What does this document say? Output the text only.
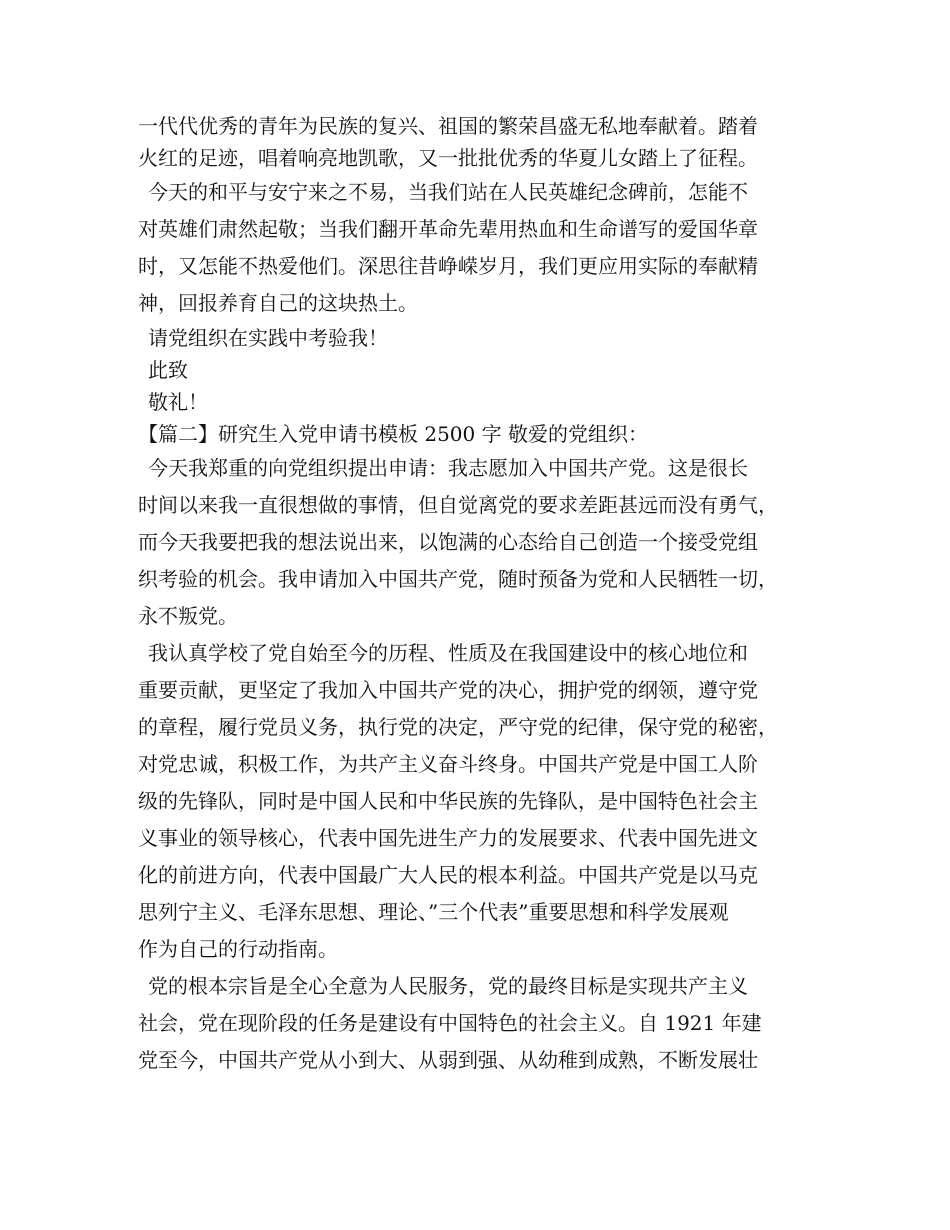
一代代优秀的青年为民族的复兴、祖国的繁荣昌盛无私地奉献着。踏着
火红的足迹，唱着响亮地凯歌，又一批批优秀的华夏儿女踏上了征程。
今天的和平与安宁来之不易，当我们站在人民英雄纪念碑前，怎能不
对英雄们肃然起敬；当我们翻开革命先辈用热血和生命谱写的爱国华章
时，又怎能不热爱他们。深思往昔峥嵘岁月，我们更应用实际的奉献精
神，回报养育自己的这块热土。
请党组织在实践中考验我！
此致
敬礼！
【篇二】研究生入党申请书模板 2500 字 敬爱的党组织：
今天我郑重的向党组织提出申请：我志愿加入中国共产党。这是很长
时间以来我一直很想做的事情，但自觉离党的要求差距甚远而没有勇气，
而今天我要把我的想法说出来，以饱满的心态给自己创造一个接受党组
织考验的机会。我申请加入中国共产党，随时预备为党和人民牺牲一切，
永不叛党。
我认真学校了党自始至今的历程、性质及在我国建设中的核心地位和
重要贡献，更坚定了我加入中国共产党的决心，拥护党的纲领，遵守党
的章程，履行党员义务，执行党的决定，严守党的纪律，保守党的秘密，
对党忠诚，积极工作，为共产主义奋斗终身。中国共产党是中国工人阶
级的先锋队，同时是中国人民和中华民族的先锋队，是中国特色社会主
义事业的领导核心，代表中国先进生产力的发展要求、代表中国先进文
化的前进方向，代表中国最广大人民的根本利益。中国共产党是以马克
思列宁主义、毛泽东思想、理论、”三个代表”重要思想和科学发展观
作为自己的行动指南。
党的根本宗旨是全心全意为人民服务，党的最终目标是实现共产主义
社会，党在现阶段的任务是建设有中国特色的社会主义。自 1921 年建
党至今，中国共产党从小到大、从弱到强、从幼稚到成熟，不断发展壮
